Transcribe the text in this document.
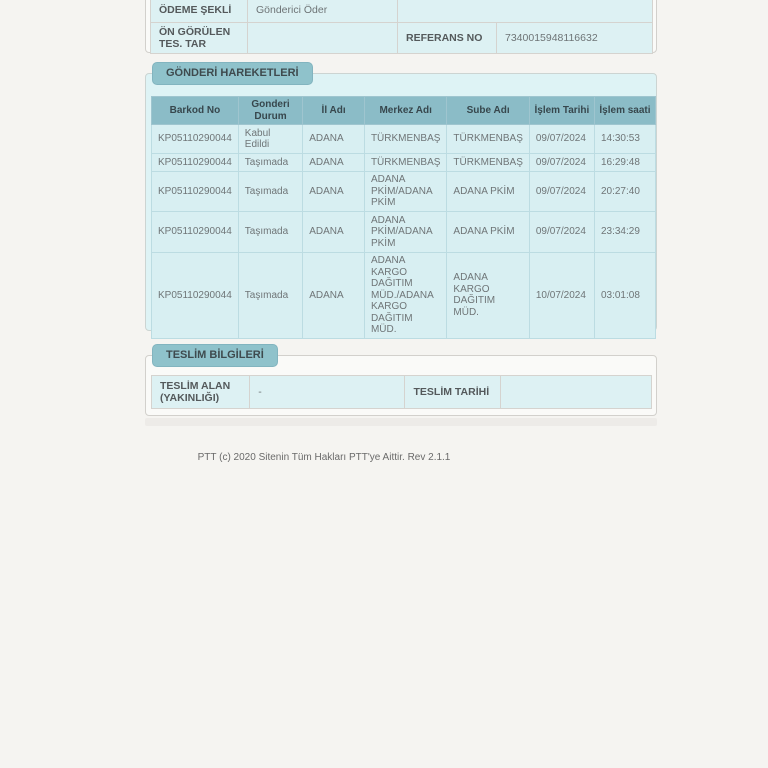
ÖDEME ŞEKLİ	Gönderici Öder		
ÖN GÖRÜLEN TES. TAR		REFERANS NO	7340015948116632
GÖNDERİ HAREKETLERİ
Barkod No	Gonderi Durum	İl Adı	Merkez Adı	Sube Adı	İşlem Tarihi	İşlem saati
KP05110290044	Kabul Edildi	ADANA	TÜRKMENBAŞ	TÜRKMENBAŞ	09/07/2024	14:30:53
KP05110290044	Taşımada	ADANA	TÜRKMENBAŞ	TÜRKMENBAŞ	09/07/2024	16:29:48
KP05110290044	Taşımada	ADANA	ADANA PKİM/ADANA PKİM	ADANA PKİM	09/07/2024	20:27:40
KP05110290044	Taşımada	ADANA	ADANA PKİM/ADANA PKİM	ADANA PKİM	09/07/2024	23:34:29
KP05110290044	Taşımada	ADANA	ADANA KARGO DAĞITIM MÜD./ADANA KARGO DAĞITIM MÜD.	ADANA KARGO DAĞITIM MÜD.	10/07/2024	03:01:08
TESLİM BİLGİLERİ
TESLİM ALAN (YAKINLIĞI)	-	TESLİM TARİHİ	
PTT (c) 2020 Sitenin Tüm Hakları PTT'ye Aittir. Rev 2.1.1
